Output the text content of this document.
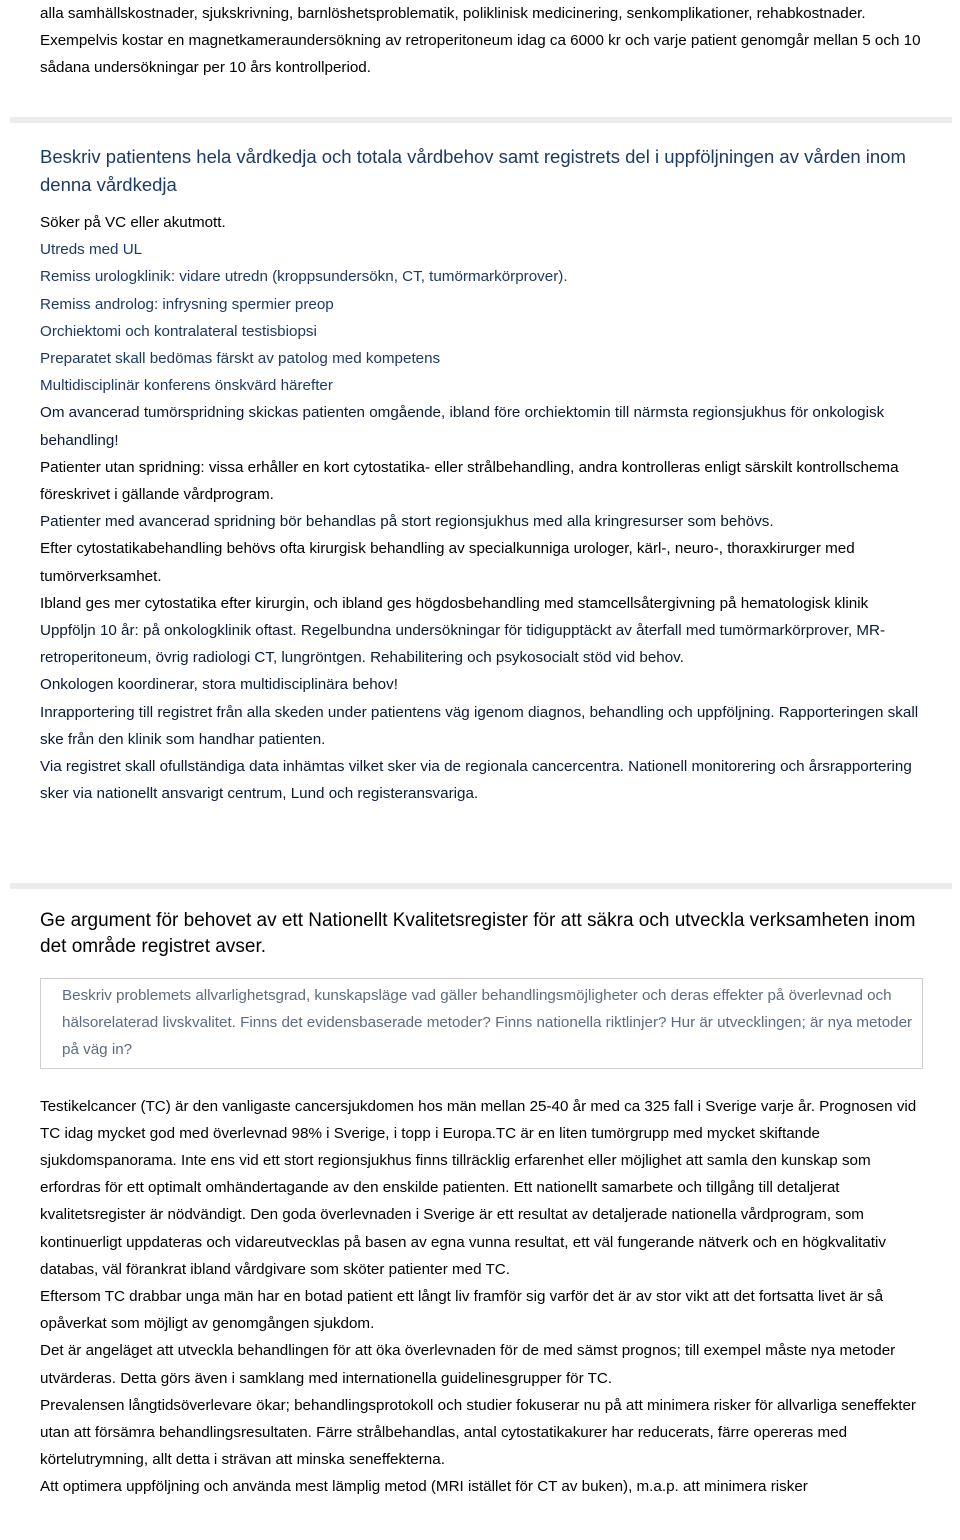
alla samhällskostnader, sjukskrivning, barnlöshetsproblematik, poliklinisk medicinering, senkomplikationer, rehabkostnader. Exempelvis kostar en magnetkameraundersökning av retroperitoneum idag ca 6000 kr och varje patient genomgår mellan 5 och 10 sådana undersökningar per 10 års kontrollperiod.

Beskriv patientens hela vårdkedja och totala vårdbehov samt registrets del i uppföljningen av vården inom denna vårdkedja

Söker på VC eller akutmott.

Utreds med UL

Remiss urologklinik: vidare utredn (kroppsundersökn, CT, tumörmarkörprover).

Remiss androlog: infrysning spermier preop

Orchiektomi och kontralateral testisbiopsi

Preparatet skall bedömas färskt av patolog med kompetens

Multidisciplinär konferens önskvärd härefter

Om avancerad tumörspridning skickas patienten omgående, ibland före orchiektomin till närmsta regionsjukhus för onkologisk behandling!

Patienter utan spridning: vissa erhåller en kort cytostatika- eller strålbehandling, andra kontrolleras enligt särskilt kontrollschema föreskrivet i gällande vårdprogram.

Patienter med avancerad spridning bör behandlas på stort regionsjukhus med alla kringresurser som behövs.

Efter cytostatikabehandling behövs ofta kirurgisk behandling av specialkunniga urologer, kärl-, neuro-, thoraxkirurger med tumörverksamhet.

Ibland ges mer cytostatika efter kirurgin, och ibland ges högdosbehandling med stamcellsåtergivning på hematologisk klinik

Uppföljn 10 år: på onkologklinik oftast. Regelbundna undersökningar för tidigupptäckt av återfall med tumörmarkörprover, MR-retroperitoneum, övrig radiologi CT, lungröntgen. Rehabilitering och psykosocialt stöd vid behov.

Onkologen koordinerar, stora multidisciplinära behov!

Inrapportering till registret från alla skeden under patientens väg igenom diagnos, behandling och uppföljning. Rapporteringen skall ske från den klinik som handhar patienten.

Via registret skall ofullständiga data inhämtas vilket sker via de regionala cancercentra. Nationell monitorering och årsrapportering sker via nationellt ansvarigt centrum, Lund och registeransvariga.

Ge argument för behovet av ett Nationellt Kvalitetsregister för att säkra och utveckla verksamheten inom det område registret avser.

Beskriv problemets allvarlighetsgrad, kunskapsläge vad gäller behandlingsmöjligheter och deras effekter på överlevnad och hälsorelaterad livskvalitet. Finns det evidensbaserade metoder? Finns nationella riktlinjer? Hur är utvecklingen; är nya metoder på väg in?

Testikelcancer (TC) är den vanligaste cancersjukdomen hos män mellan 25-40 år med ca 325 fall i Sverige varje år. Prognosen vid TC idag mycket god med överlevnad 98% i Sverige, i topp i Europa.TC är en liten tumörgrupp med mycket skiftande sjukdomspanorama. Inte ens vid ett stort regionsjukhus finns tillräcklig erfarenhet eller möjlighet att samla den kunskap som erfordras för ett optimalt omhändertagande av den enskilde patienten. Ett nationellt samarbete och tillgång till detaljerat kvalitetsregister är nödvändigt. Den goda överlevnaden i Sverige är ett resultat av detaljerade nationella vårdprogram, som kontinuerligt uppdateras och vidareutvecklas på basen av egna vunna resultat, ett väl fungerande nätverk och en högkvalitativ databas, väl förankrat ibland vårdgivare som sköter patienter med TC.

Eftersom TC drabbar unga män har en botad patient ett långt liv framför sig varför det är av stor vikt att det fortsatta livet är så opåverkat som möjligt av genomgången sjukdom.

Det är angeläget att utveckla behandlingen för att öka överlevnaden för de med sämst prognos; till exempel måste nya metoder utvärderas. Detta görs även i samklang med internationella guidelinesgrupper för TC.

Prevalensen långtidsöverlevare ökar; behandlingsprotokoll och studier fokuserar nu på att minimera risker för allvarliga seneffekter utan att försämra behandlingsresultaten. Färre strålbehandlas, antal cytostatikakurer har reducerats, färre opereras med körtelutrymning, allt detta i strävan att minska seneffekterna.

Att optimera uppföljning och använda mest lämplig metod (MRI istället för CT av buken), m.a.p. att minimera risker
